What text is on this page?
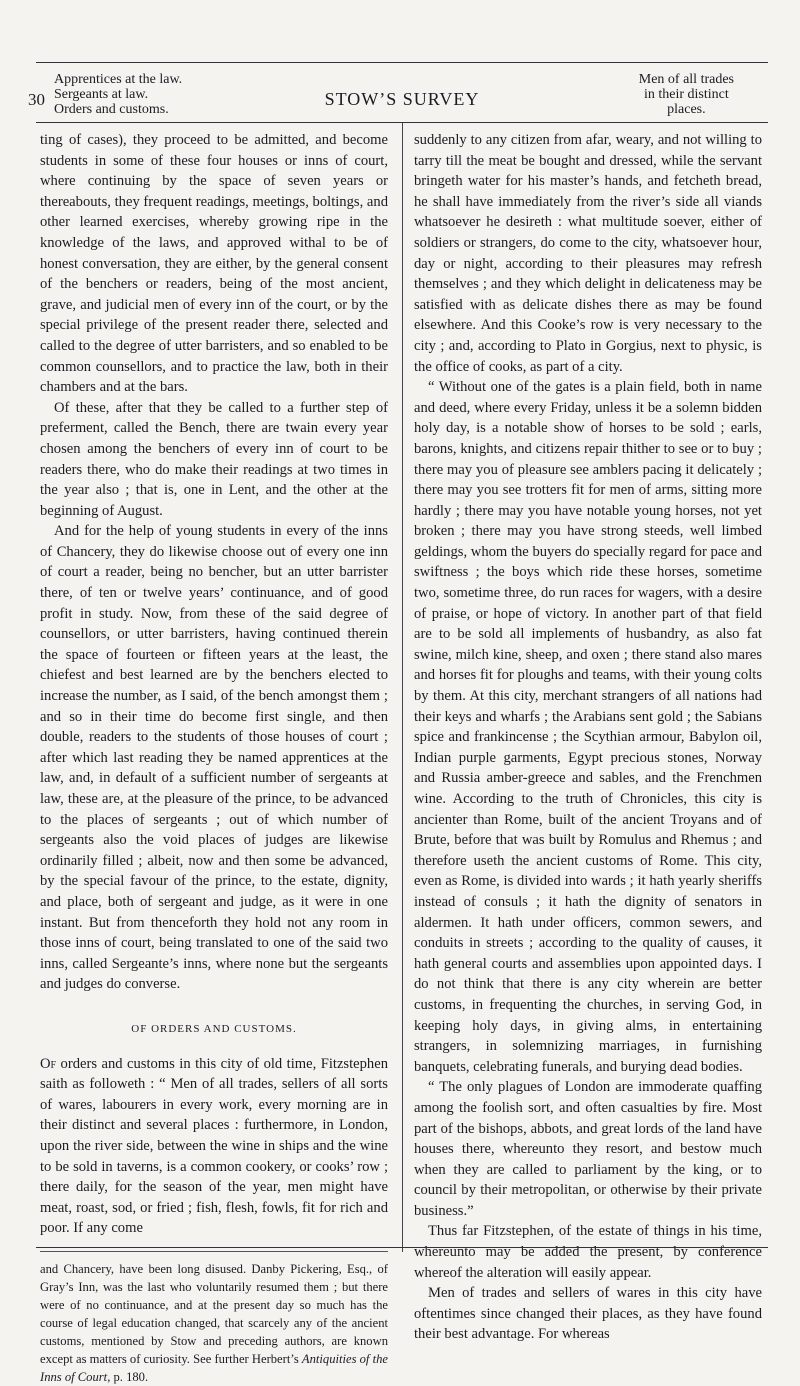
30
Apprentices at the law.
Sergeants at law.
Orders and customs.
STOW’S SURVEY
Men of all trades
in their distinct
places.

ting of cases), they proceed to be admitted, and become students in some of these four houses or inns of court, where continuing by the space of seven years or thereabouts, they frequent readings, meetings, boltings, and other learned exercises, whereby growing ripe in the knowledge of the laws, and approved withal to be of honest conversation, they are either, by the general consent of the benchers or readers, being of the most ancient, grave, and judicial men of every inn of the court, or by the special privilege of the present reader there, selected and called to the degree of utter barristers, and so enabled to be common counsellors, and to practice the law, both in their chambers and at the bars.

Of these, after that they be called to a further step of preferment, called the Bench, there are twain every year chosen among the benchers of every inn of court to be readers there, who do make their readings at two times in the year also ; that is, one in Lent, and the other at the beginning of August.

And for the help of young students in every of the inns of Chancery, they do likewise choose out of every one inn of court a reader, being no bencher, but an utter barrister there, of ten or twelve years’ continuance, and of good profit in study. Now, from these of the said degree of counsellors, or utter barristers, having continued therein the space of fourteen or fifteen years at the least, the chiefest and best learned are by the benchers elected to increase the number, as I said, of the bench amongst them ; and so in their time do become first single, and then double, readers to the students of those houses of court ; after which last reading they be named apprentices at the law, and, in default of a sufficient number of sergeants at law, these are, at the pleasure of the prince, to be advanced to the places of sergeants ; out of which number of sergeants also the void places of judges are likewise ordinarily filled ; albeit, now and then some be advanced, by the special favour of the prince, to the estate, dignity, and place, both of sergeant and judge, as it were in one instant. But from thenceforth they hold not any room in those inns of court, being translated to one of the said two inns, called Sergeante’s inns, where none but the sergeants and judges do converse.

OF ORDERS AND CUSTOMS.

Of orders and customs in this city of old time, Fitzstephen saith as followeth : “ Men of all trades, sellers of all sorts of wares, labourers in every work, every morning are in their distinct and several places : furthermore, in London, upon the river side, between the wine in ships and the wine to be sold in taverns, is a common cookery, or cooks’ row ; there daily, for the season of the year, men might have meat, roast, sod, or fried ; fish, flesh, fowls, fit for rich and poor. If any come

and Chancery, have been long disused. Danby Pickering, Esq., of Gray’s Inn, was the last who voluntarily resumed them ; but there were of no continuance, and at the present day so much has the course of legal education changed, that scarcely any of the ancient customs, mentioned by Stow and preceding authors, are known except as matters of curiosity. See further Herbert’s Antiquities of the Inns of Court, p. 180.

suddenly to any citizen from afar, weary, and not willing to tarry till the meat be bought and dressed, while the servant bringeth water for his master’s hands, and fetcheth bread, he shall have immediately from the river’s side all viands whatsoever he desireth : what multitude soever, either of soldiers or strangers, do come to the city, whatsoever hour, day or night, according to their pleasures may refresh themselves ; and they which delight in delicateness may be satisfied with as delicate dishes there as may be found elsewhere. And this Cooke’s row is very necessary to the city ; and, according to Plato in Gorgius, next to physic, is the office of cooks, as part of a city.

“ Without one of the gates is a plain field, both in name and deed, where every Friday, unless it be a solemn bidden holy day, is a notable show of horses to be sold ; earls, barons, knights, and citizens repair thither to see or to buy ; there may you of pleasure see amblers pacing it delicately ; there may you see trotters fit for men of arms, sitting more hardly ; there may you have notable young horses, not yet broken ; there may you have strong steeds, well limbed geldings, whom the buyers do specially regard for pace and swiftness ; the boys which ride these horses, sometime two, sometime three, do run races for wagers, with a desire of praise, or hope of victory. In another part of that field are to be sold all implements of husbandry, as also fat swine, milch kine, sheep, and oxen ; there stand also mares and horses fit for ploughs and teams, with their young colts by them. At this city, merchant strangers of all nations had their keys and wharfs ; the Arabians sent gold ; the Sabians spice and frankincense ; the Scythian armour, Babylon oil, Indian purple garments, Egypt precious stones, Norway and Russia amber-greece and sables, and the Frenchmen wine. According to the truth of Chronicles, this city is ancienter than Rome, built of the ancient Troyans and of Brute, before that was built by Romulus and Rhemus ; and therefore useth the ancient customs of Rome. This city, even as Rome, is divided into wards ; it hath yearly sheriffs instead of consuls ; it hath the dignity of senators in aldermen. It hath under officers, common sewers, and conduits in streets ; according to the quality of causes, it hath general courts and assemblies upon appointed days. I do not think that there is any city wherein are better customs, in frequenting the churches, in serving God, in keeping holy days, in giving alms, in entertaining strangers, in solemnizing marriages, in furnishing banquets, celebrating funerals, and burying dead bodies.

“ The only plagues of London are immoderate quaffing among the foolish sort, and often casualties by fire. Most part of the bishops, abbots, and great lords of the land have houses there, whereunto they resort, and bestow much when they are called to parliament by the king, or to council by their metropolitan, or otherwise by their private business.”

Thus far Fitzstephen, of the estate of things in his time, whereunto may be added the present, by conference whereof the alteration will easily appear.

Men of trades and sellers of wares in this city have oftentimes since changed their places, as they have found their best advantage. For whereas
